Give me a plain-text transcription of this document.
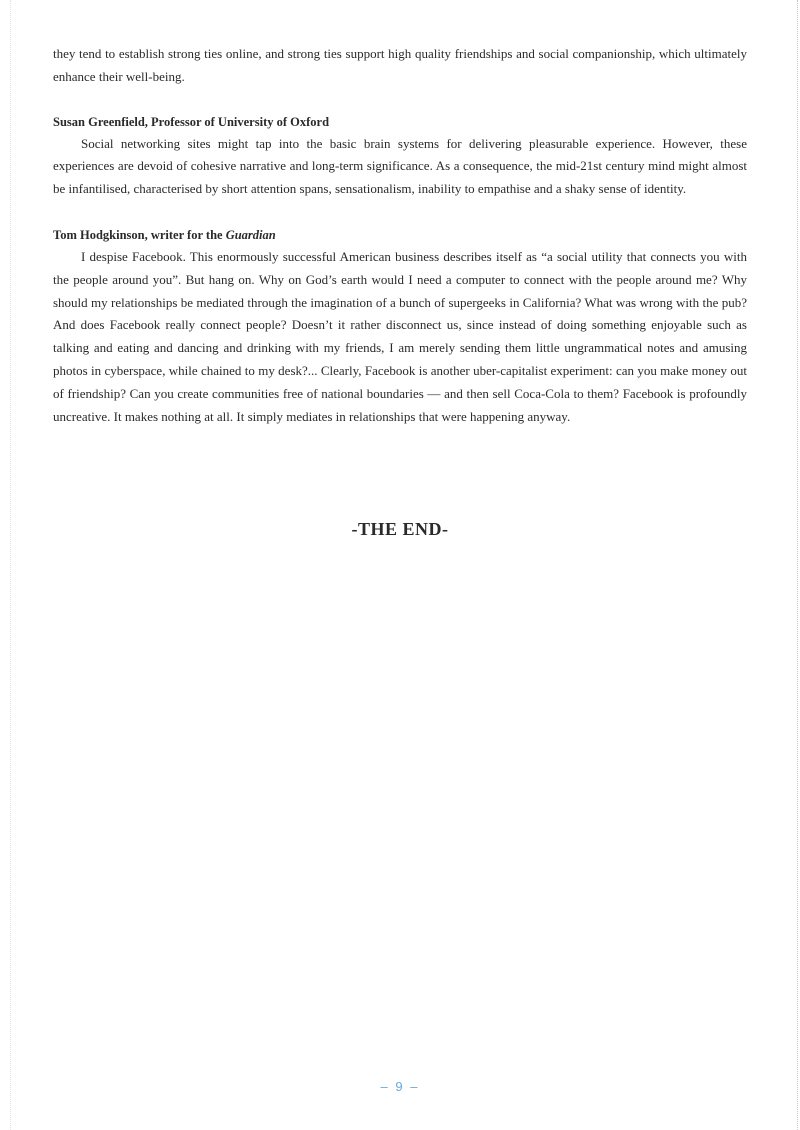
they tend to establish strong ties online, and strong ties support high quality friendships and social companionship, which ultimately enhance their well-being.

Susan Greenfield, Professor of University of Oxford

Social networking sites might tap into the basic brain systems for delivering pleasurable experience. However, these experiences are devoid of cohesive narrative and long-term significance. As a consequence, the mid-21st century mind might almost be infantilised, characterised by short attention spans, sensationalism, inability to empathise and a shaky sense of identity.

Tom Hodgkinson, writer for the Guardian

I despise Facebook. This enormously successful American business describes itself as “a social utility that connects you with the people around you”. But hang on. Why on God’s earth would I need a computer to connect with the people around me? Why should my relationships be mediated through the imagination of a bunch of supergeeks in California? What was wrong with the pub? And does Facebook really connect people? Doesn’t it rather disconnect us, since instead of doing something enjoyable such as talking and eating and dancing and drinking with my friends, I am merely sending them little ungrammatical notes and amusing photos in cyberspace, while chained to my desk?... Clearly, Facebook is another uber-capitalist experiment: can you make money out of friendship? Can you create communities free of national boundaries — and then sell Coca-Cola to them? Facebook is profoundly uncreative. It makes nothing at all. It simply mediates in relationships that were happening anyway.

-THE END-
– 9 –
